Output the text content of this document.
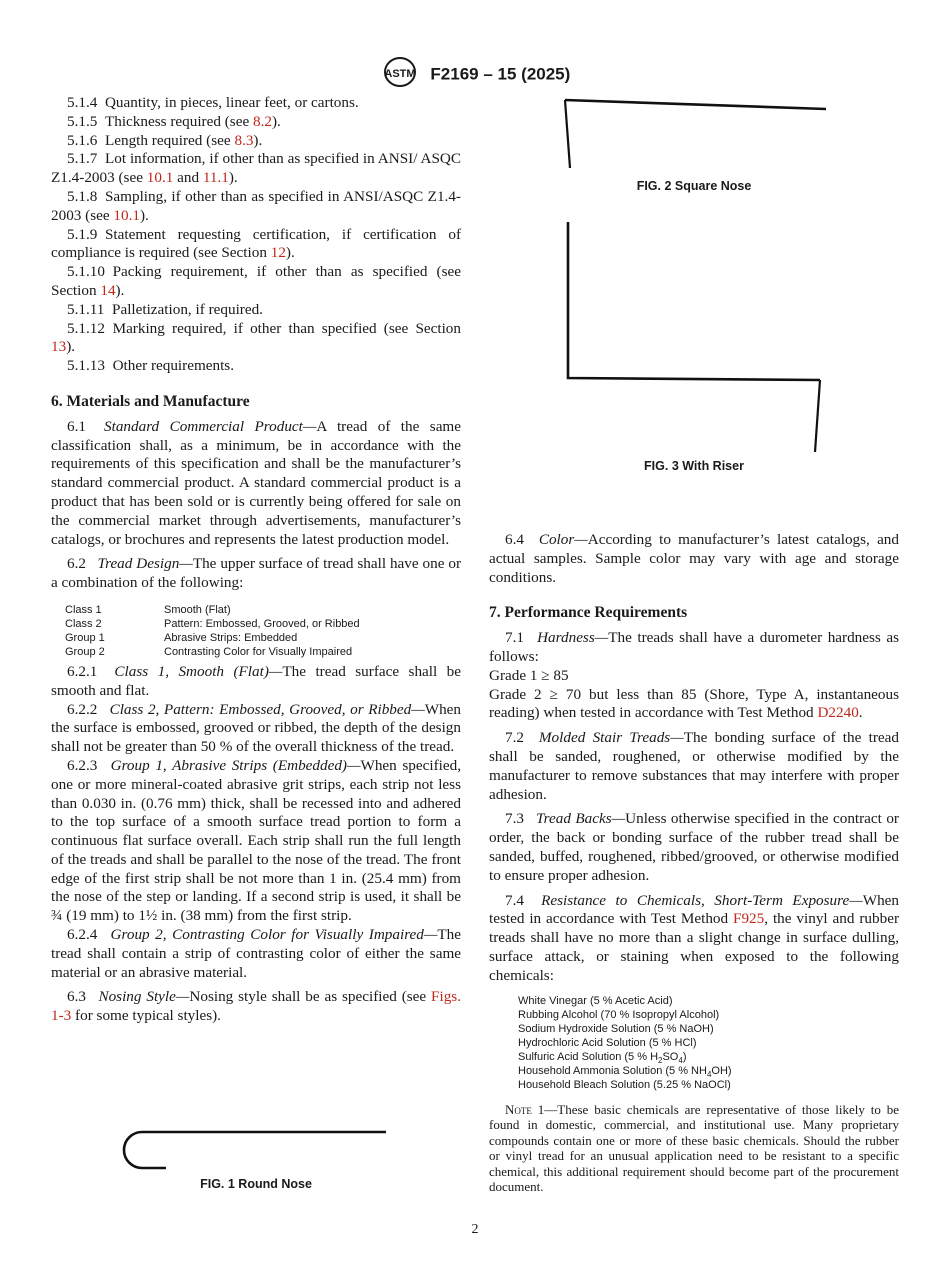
ASTM F2169 – 15 (2025)

5.1.4  Quantity, in pieces, linear feet, or cartons.

5.1.5  Thickness required (see 8.2).

5.1.6  Length required (see 8.3).

5.1.7  Lot information, if other than as specified in ANSI/ ASQC Z1.4-2003 (see 10.1 and 11.1).

5.1.8  Sampling, if other than as specified in ANSI/ASQC Z1.4-2003 (see 10.1).

5.1.9  Statement requesting certification, if certification of compliance is required (see Section 12).

5.1.10  Packing requirement, if other than as specified (see Section 14).

5.1.11  Palletization, if required.

5.1.12  Marking required, if other than specified (see Section 13).

5.1.13  Other requirements.

6. Materials and Manufacture

6.1  Standard Commercial Product—A tread of the same classification shall, as a minimum, be in accordance with the requirements of this specification and shall be the manufacturer’s standard commercial product. A standard commercial product is a product that has been sold or is currently being offered for sale on the commercial market through advertisements, manufacturer’s catalogs, or brochures and represents the latest production model.

6.2  Tread Design—The upper surface of tread shall have one or a combination of the following:

Class 1	Smooth (Flat)
Class 2	Pattern: Embossed, Grooved, or Ribbed
Group 1	Abrasive Strips: Embedded
Group 2	Contrasting Color for Visually Impaired

6.2.1  Class 1, Smooth (Flat)—The tread surface shall be smooth and flat.

6.2.2  Class 2, Pattern: Embossed, Grooved, or Ribbed—When the surface is embossed, grooved or ribbed, the depth of the design shall not be greater than 50 % of the overall thickness of the tread.

6.2.3  Group 1, Abrasive Strips (Embedded)—When specified, one or more mineral-coated abrasive grit strips, each strip not less than 0.030 in. (0.76 mm) thick, shall be recessed into and adhered to the top surface of a smooth surface tread portion to form a continuous flat surface overall. Each strip shall run the full length of the treads and shall be parallel to the nose of the tread. The front edge of the first strip shall be not more than 1 in. (25.4 mm) from the nose of the step or landing. If a second strip is used, it shall be ¾ (19 mm) to 1½ in. (38 mm) from the first strip.

6.2.4  Group 2, Contrasting Color for Visually Impaired—The tread shall contain a strip of contrasting color of either the same material or an abrasive material.

6.3  Nosing Style—Nosing style shall be as specified (see Figs. 1-3 for some typical styles).

FIG. 1 Round Nose
FIG. 2 Square Nose
FIG. 3 With Riser

6.4  Color—According to manufacturer’s latest catalogs, and actual samples. Sample color may vary with age and storage conditions.

7. Performance Requirements

7.1  Hardness—The treads shall have a durometer hardness as follows:

Grade 1 ≥ 85

Grade 2 ≥ 70 but less than 85 (Shore, Type A, instantaneous reading) when tested in accordance with Test Method D2240.

7.2  Molded Stair Treads—The bonding surface of the tread shall be sanded, roughened, or otherwise modified by the manufacturer to remove substances that may interfere with proper adhesion.

7.3  Tread Backs—Unless otherwise specified in the contract or order, the back or bonding surface of the rubber tread shall be sanded, buffed, roughened, ribbed/grooved, or otherwise modified to ensure proper adhesion.

7.4  Resistance to Chemicals, Short-Term Exposure—When tested in accordance with Test Method F925, the vinyl and rubber treads shall have no more than a slight change in surface dulling, surface attack, or staining when exposed to the following chemicals:

White Vinegar (5 % Acetic Acid)
Rubbing Alcohol (70 % Isopropyl Alcohol)
Sodium Hydroxide Solution (5 % NaOH)
Hydrochloric Acid Solution (5 % HCl)
Sulfuric Acid Solution (5 % $H_2SO_4$)
Household Ammonia Solution (5 % $NH_4OH$)
Household Bleach Solution (5.25 % NaOCl)

Note 1—These basic chemicals are representative of those likely to be found in domestic, commercial, and institutional use. Many proprietary compounds contain one or more of these basic chemicals. Should the rubber or vinyl tread for an unusual application need to be resistant to a specific chemical, this additional requirement should become part of the procurement document.

2
